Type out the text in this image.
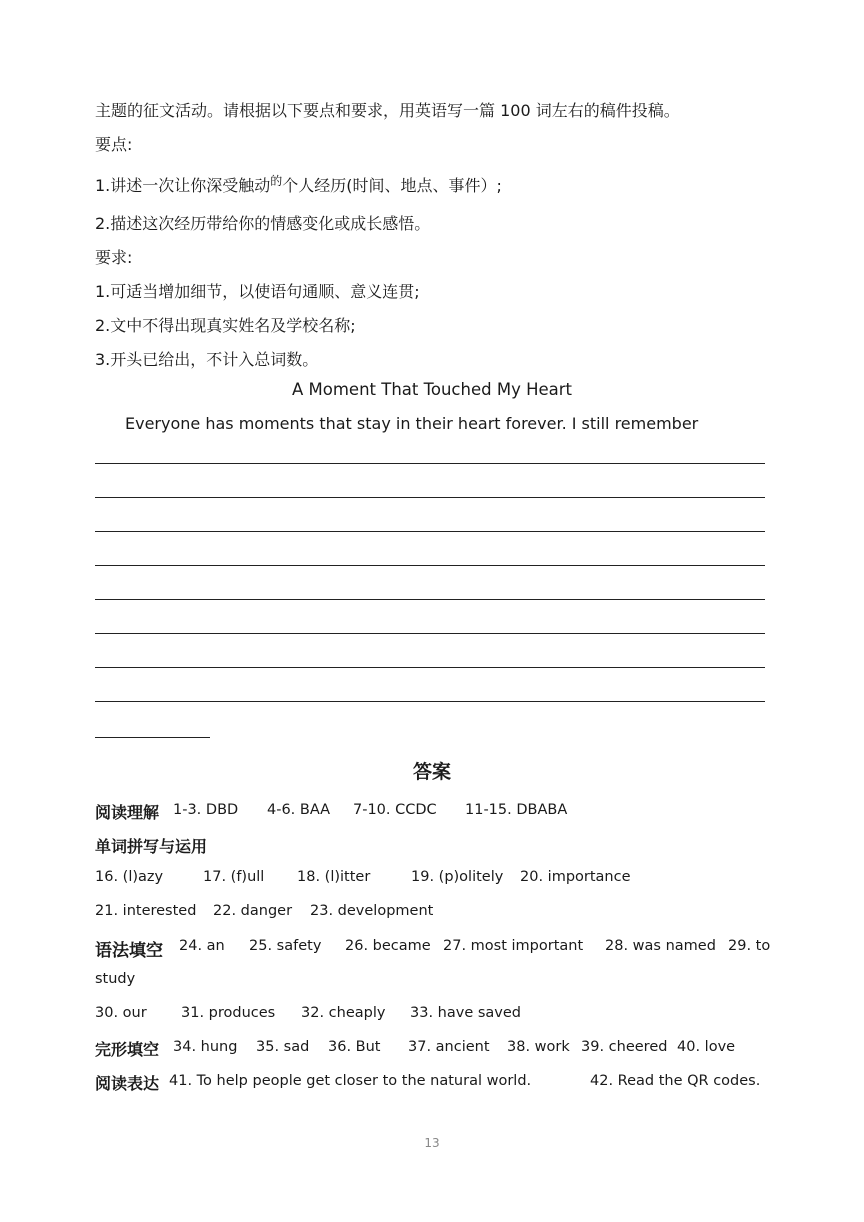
主题的征文活动。请根据以下要点和要求，用英语写一篇 100 词左右的稿件投稿。
要点:
1.讲述一次让你深受触动$^的$个人经历(时间、地点、事件）;
2.描述这次经历带给你的情感变化或成长感悟。
要求:
1.可适当增加细节，以使语句通顺、意义连贯;
2.文中不得出现真实姓名及学校名称;
3.开头已给出，不计入总词数。
A Moment That Touched My Heart
Everyone has moments that stay in their heart forever. I still remember
答案
阅读理解 1-3. DBD 4-6. BAA 7-10. CCDC 11-15. DBABA
单词拼写与运用
16. (l)azy	17. (f)ull 18. (l)itter	19. (p)olitely 20. importance
21. interested 22. danger 23. development
语法填空 24. an 25. safety 26. became 27. most important 28. was named 29. to
study
30. our 31. produces 32. cheaply 33. have saved
完形填空 34. hung 35. sad 36. But 37. ancient 38. work 39. cheered 40. love
阅读表达 41. To help people get closer to the natural world.	42. Read the QR codes.
13
